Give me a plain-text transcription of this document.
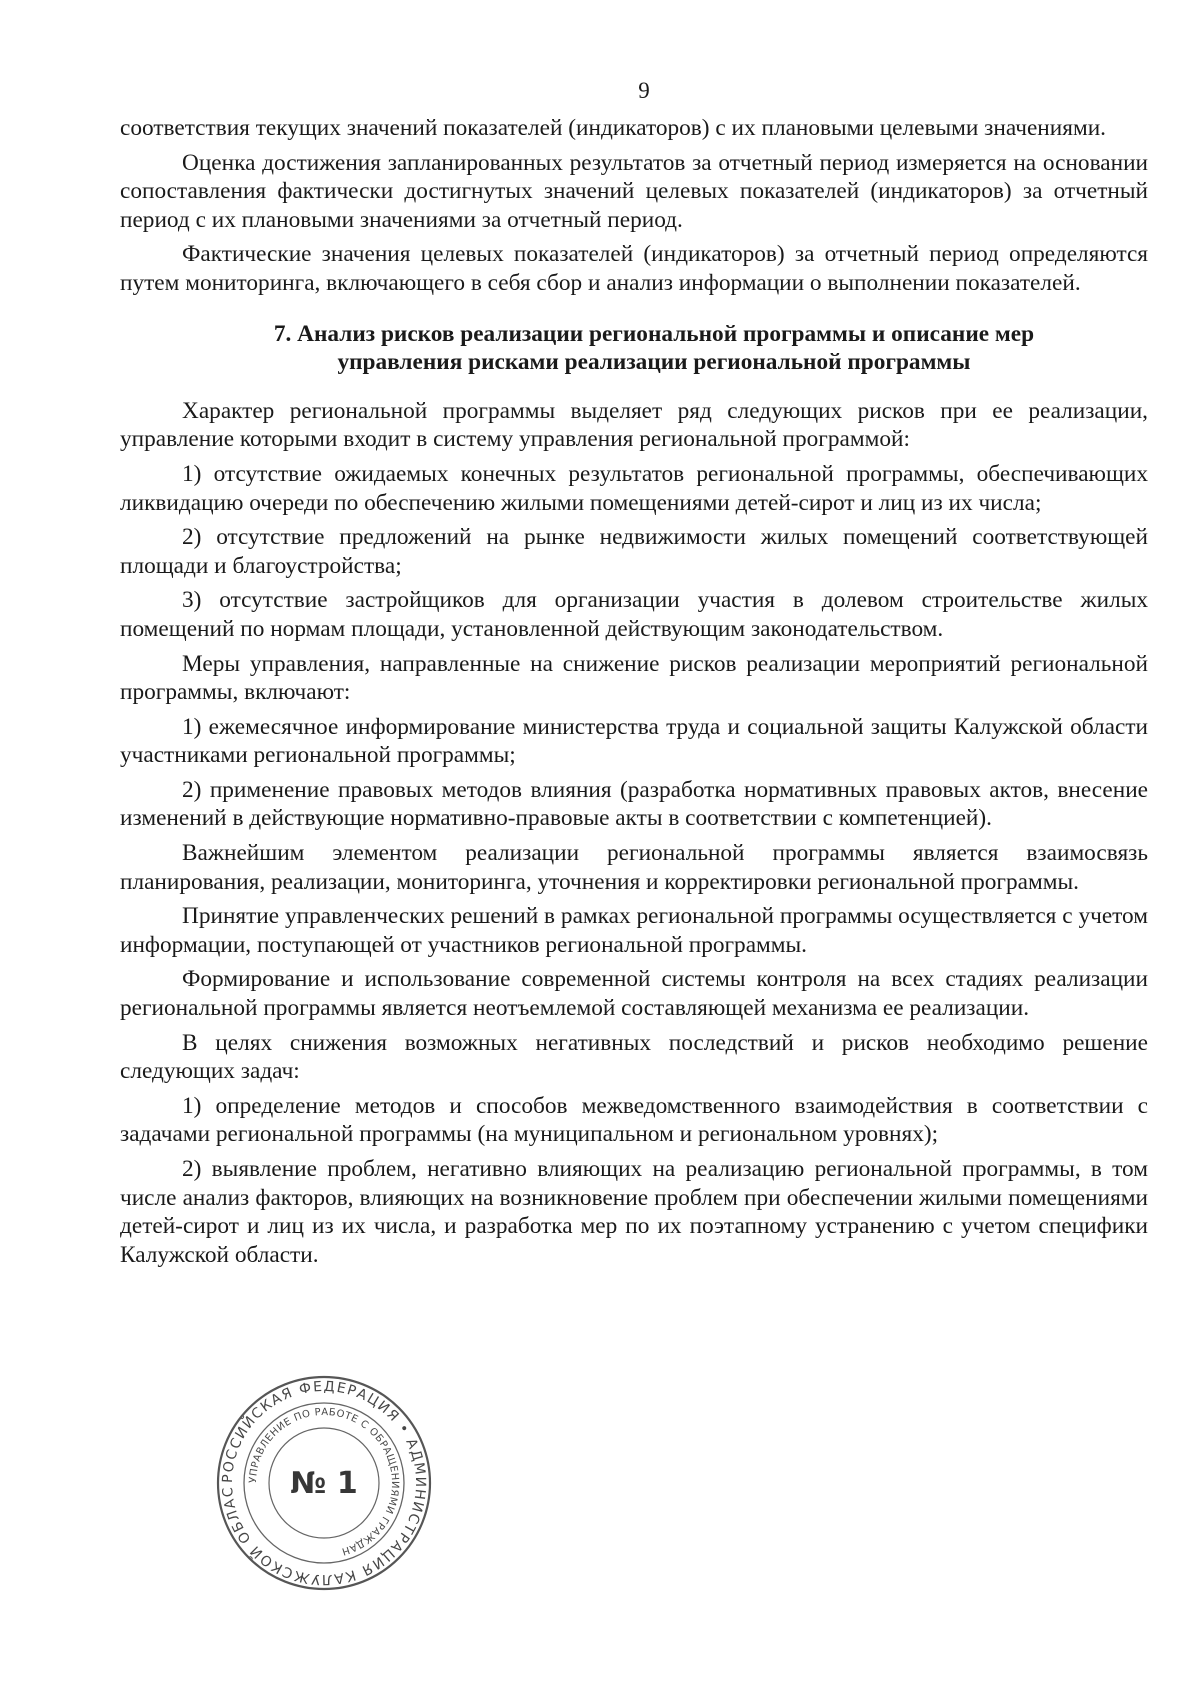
9

соответствия текущих значений показателей (индикаторов) с их плановыми целевыми значениями.

Оценка достижения запланированных результатов за отчетный период измеряется на основании сопоставления фактически достигнутых значений целевых показателей (индикаторов) за отчетный период с их плановыми значениями за отчетный период.

Фактические значения целевых показателей (индикаторов) за отчетный период определяются путем мониторинга, включающего в себя сбор и анализ информации о выполнении показателей.

7. Анализ рисков реализации региональной программы и описание мер
управления рисками реализации региональной программы

Характер региональной программы выделяет ряд следующих рисков при ее реализации, управление которыми входит в систему управления региональной программой:

1) отсутствие ожидаемых конечных результатов региональной программы, обеспечивающих ликвидацию очереди по обеспечению жилыми помещениями детей-сирот и лиц из их числа;

2) отсутствие предложений на рынке недвижимости жилых помещений соответствующей площади и благоустройства;

3) отсутствие застройщиков для организации участия в долевом строительстве жилых помещений по нормам площади, установленной действующим законодательством.

Меры управления, направленные на снижение рисков реализации мероприятий региональной программы, включают:

1) ежемесячное информирование министерства труда и социальной защиты Калужской области участниками региональной программы;

2) применение правовых методов влияния (разработка нормативных правовых актов, внесение изменений в действующие нормативно-правовые акты в соответствии с компетенцией).

Важнейшим элементом реализации региональной программы является взаимосвязь планирования, реализации, мониторинга, уточнения и корректировки региональной программы.

Принятие управленческих решений в рамках региональной программы осуществляется с учетом информации, поступающей от участников региональной программы.

Формирование и использование современной системы контроля на всех стадиях реализации региональной программы является неотъемлемой составляющей механизма ее реализации.

В целях снижения возможных негативных последствий и рисков необходимо решение следующих задач:

1) определение методов и способов межведомственного взаимодействия в соответствии с задачами региональной программы (на муниципальном и региональном уровнях);

2) выявление проблем, негативно влияющих на реализацию региональной программы, в том числе анализ факторов, влияющих на возникновение проблем при обеспечении жилыми помещениями детей-сирот и лиц из их числа, и разработка мер по их поэтапному устранению с учетом специфики Калужской области.

РОССИЙСКАЯ ФЕДЕРАЦИЯ • АДМИНИСТРАЦИЯ КАЛУЖСКОЙ ОБЛАС
УПРАВЛЕНИЕ ПО РАБОТЕ С ОБРАЩЕНИЯМИ ГРАЖДАН
№ 1
